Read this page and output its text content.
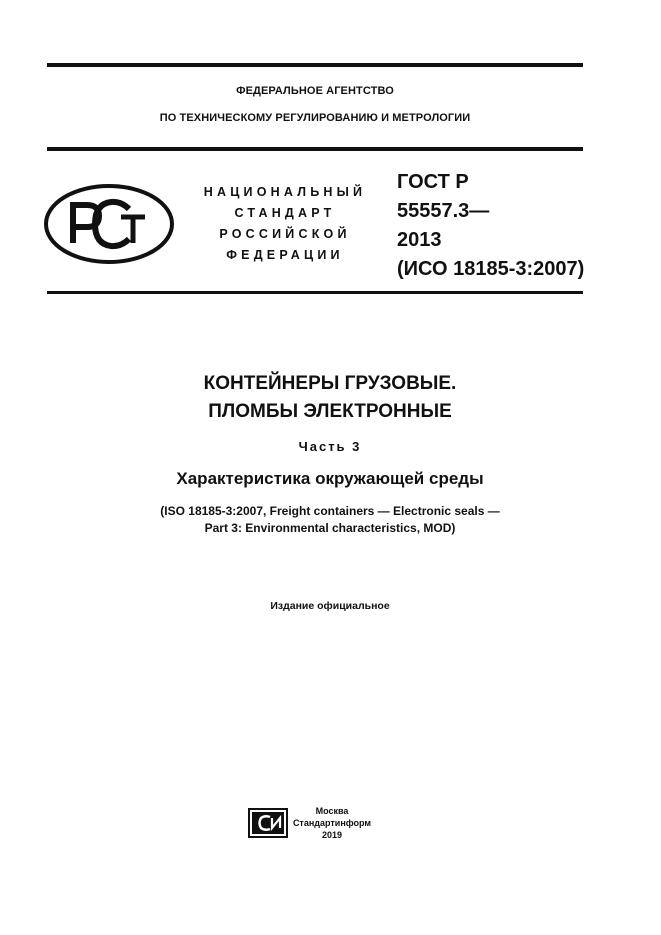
ФЕДЕРАЛЬНОЕ АГЕНТСТВО
ПО ТЕХНИЧЕСКОМУ РЕГУЛИРОВАНИЮ И МЕТРОЛОГИИ
НАЦИОНАЛЬНЫЙ
СТАНДАРТ
РОССИЙСКОЙ
ФЕДЕРАЦИИ
ГОСТ Р
55557.3—
2013
(ИСО 18185-3:2007)
КОНТЕЙНЕРЫ ГРУЗОВЫЕ.
ПЛОМБЫ ЭЛЕКТРОННЫЕ
Часть 3
Характеристика окружающей среды
(ISO 18185-3:2007, Freight containers — Electronic seals —
Part 3: Environmental characteristics, MOD)
Издание официальное
Москва
Стандартинформ
2019
